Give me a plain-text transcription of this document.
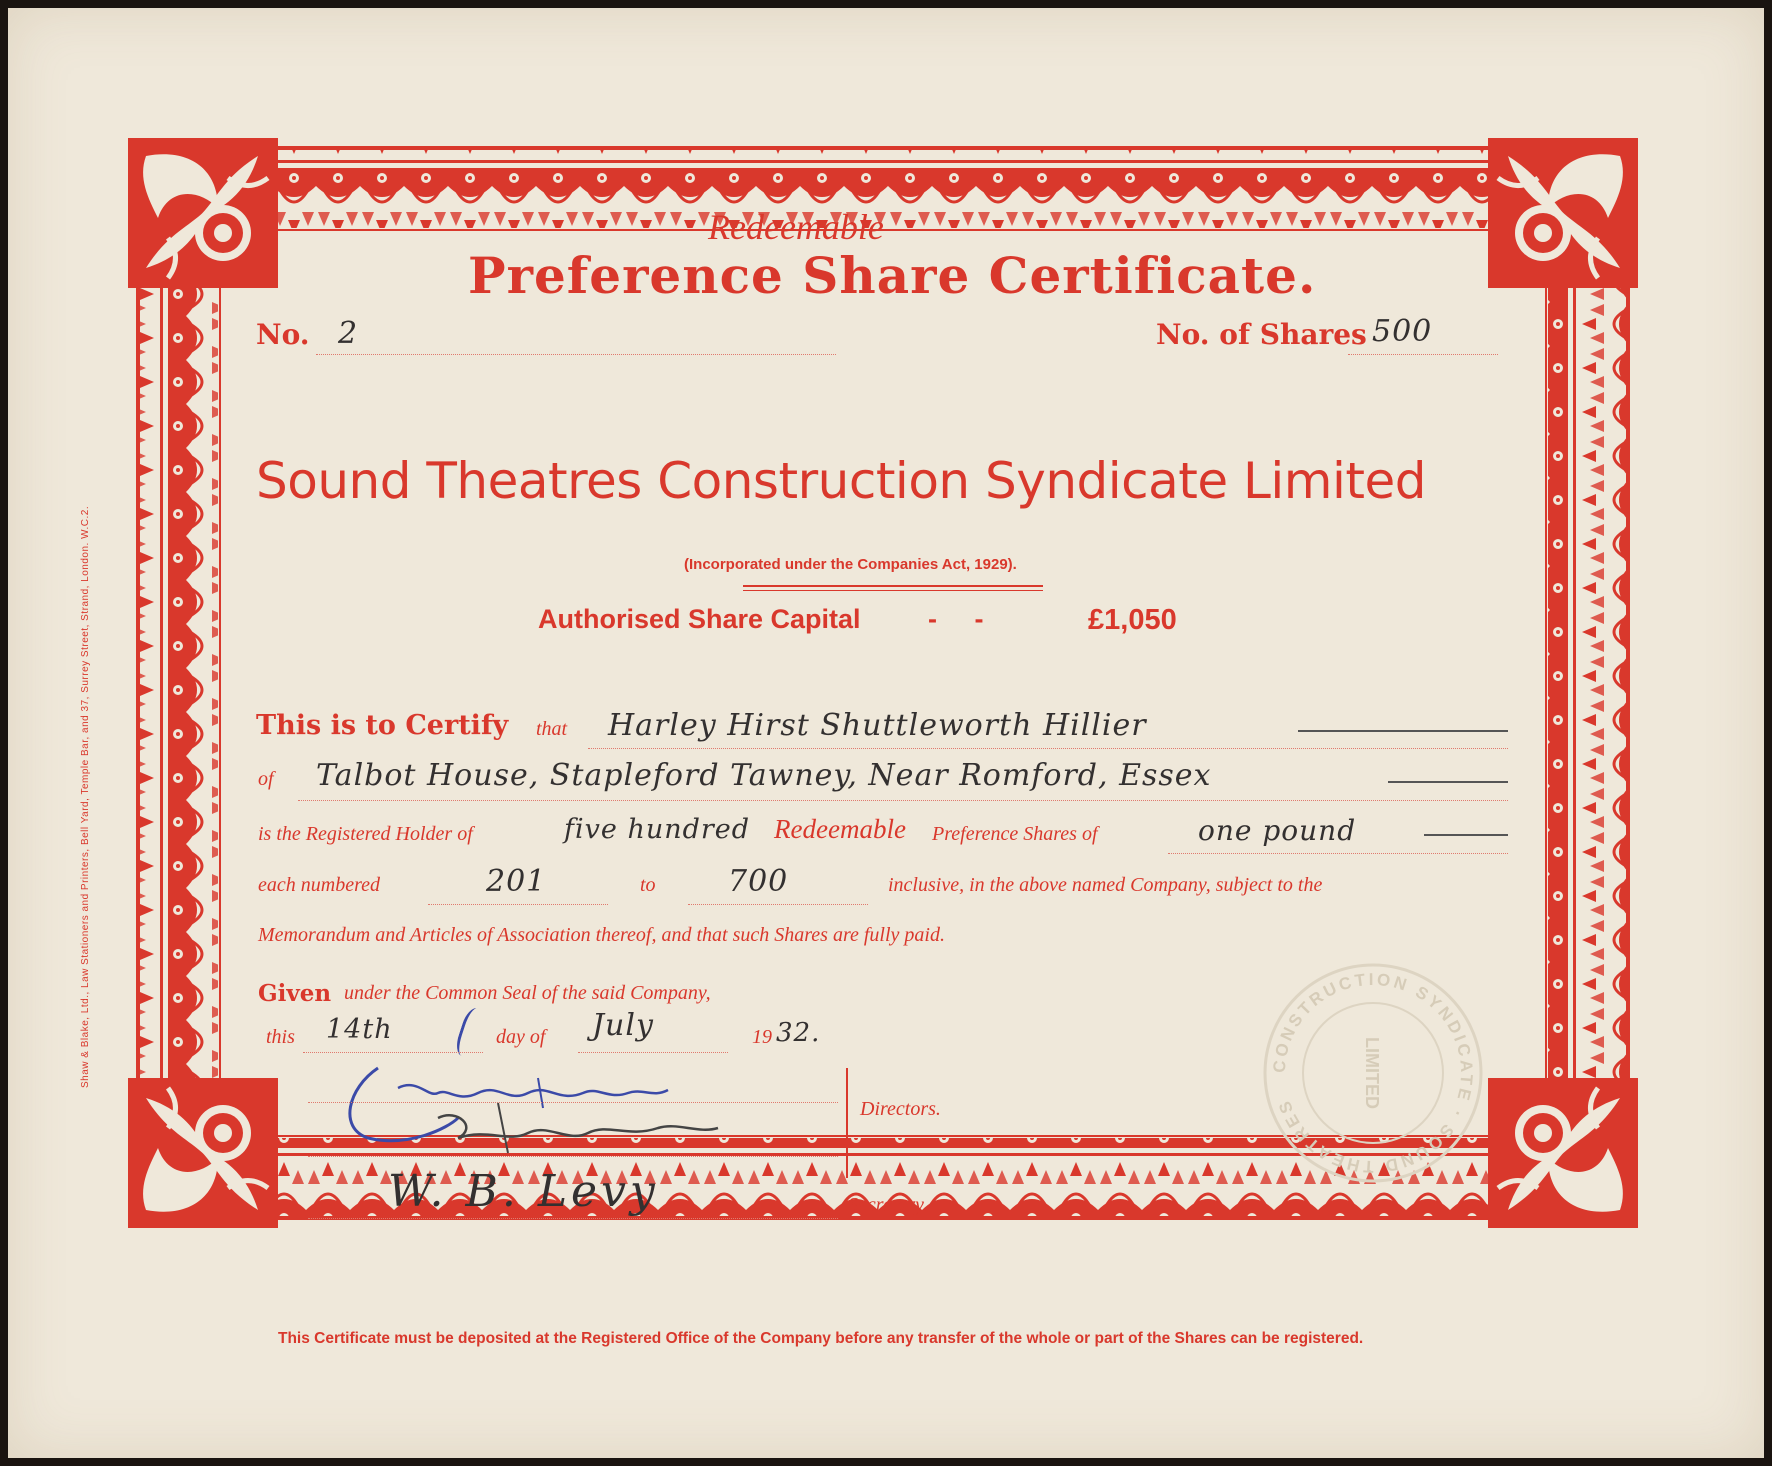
Shaw & Blake, Ltd., Law Stationers and Printers, Bell Yard, Temple Bar, and 37, Surrey Street, Strand, London. W.C.2.
Redeemable
Preference Share Certificate.
No. 2	No. of Shares 500
Sound Theatres Construction Syndicate Limited
(Incorporated under the Companies Act, 1929).
Authorised Share Capital -     -	£1,050
This is to Certify that Harley Hirst Shuttleworth Hillier
of Talbot House, Stapleford Tawney, Near Romford, Essex
is the Registered Holder of	five hundred Redeemable Preference Shares of	one pound
each numbered	201	to 700	inclusive, in the above named Company, subject to the
Memorandum and Articles of Association thereof, and that such Shares are fully paid.
Given under the Common Seal of the said Company,
this 14th	day of July	19 32.
Directors.
W. B. Levy	Secretary.
CONSTRUCTION SYNDICATE · SOUND THEATRES	LIMITED
This Certificate must be deposited at the Registered Office of the Company before any transfer of the whole or part of the Shares can be registered.
